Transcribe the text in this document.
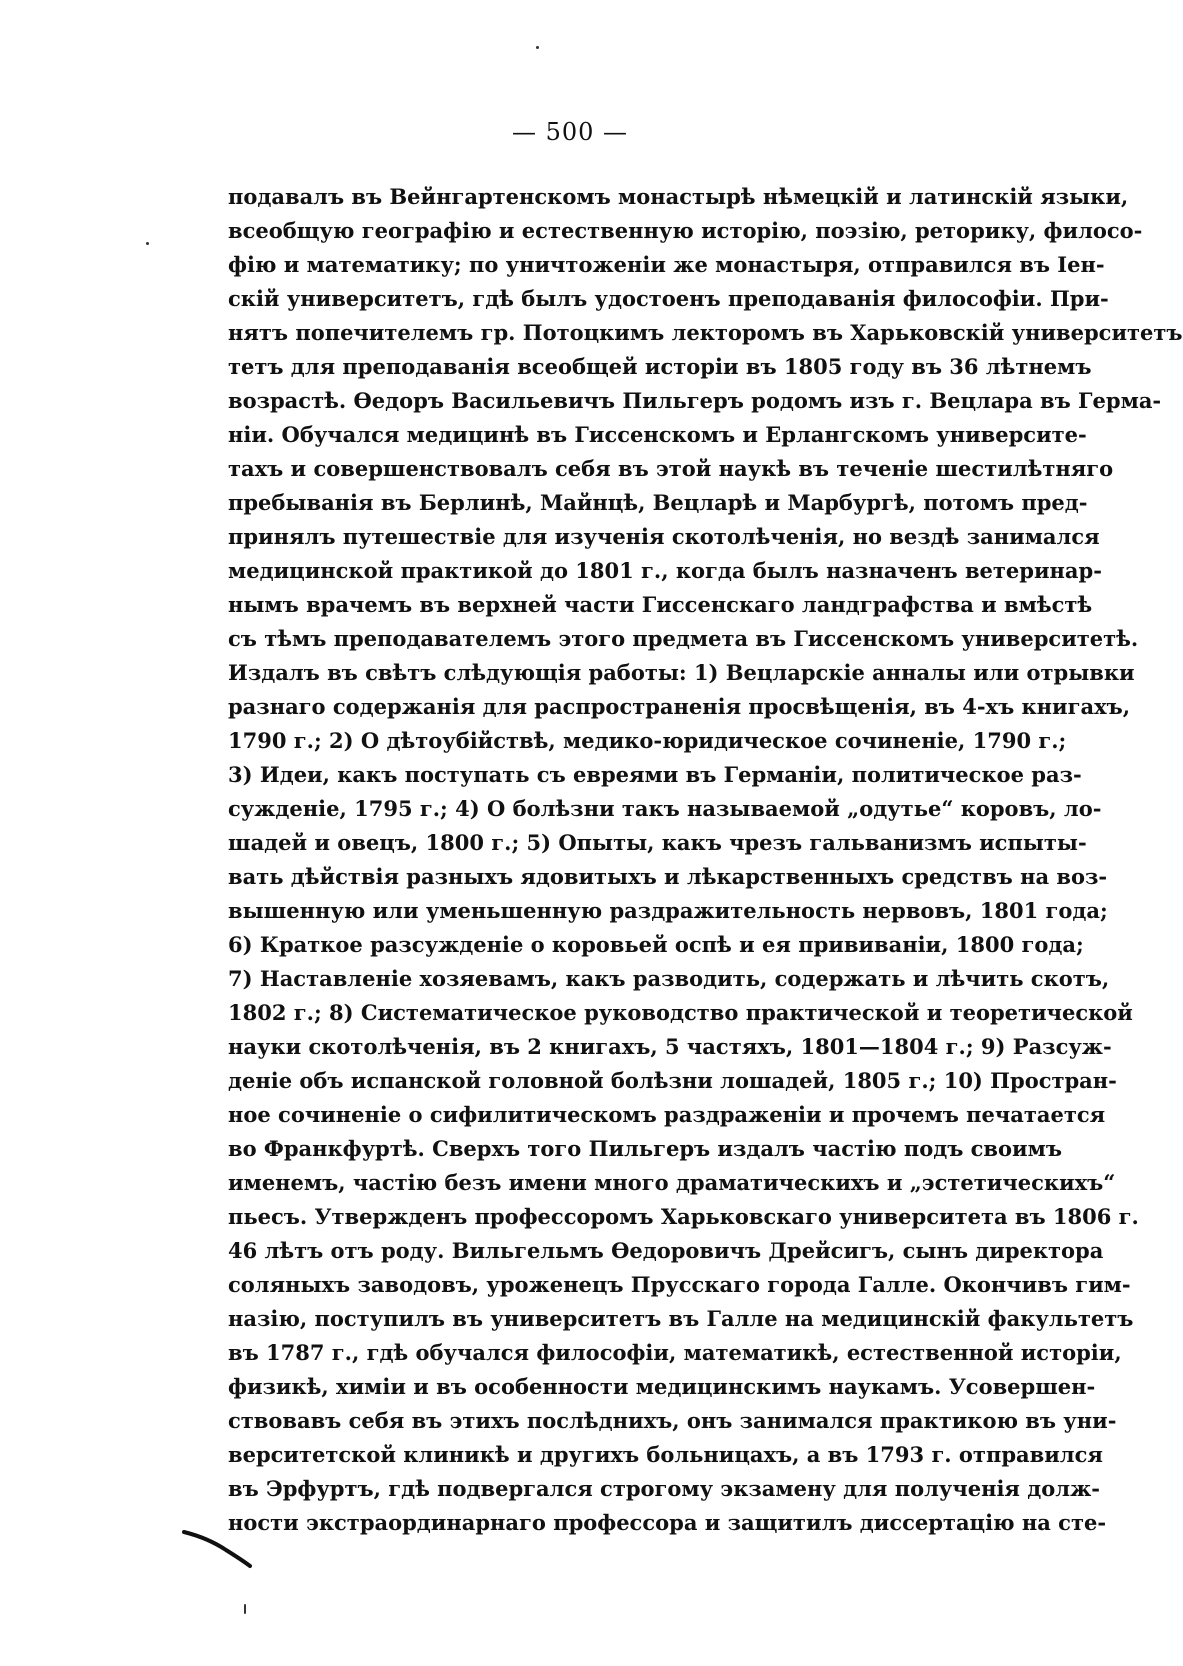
— 500 —
подавалъ въ Вейнгартенскомъ монастырѣ нѣмецкій и латинскій языки,
всеобщую географію и естественную исторію, поэзію, реторику, филосо-
фію и математику; по уничтоженіи же монастыря, отправился въ Іен-
скій университетъ, гдѣ былъ удостоенъ преподаванія философіи. При-
нятъ попечителемъ гр. Потоцкимъ лекторомъ въ Харьковскій университетъ
тетъ для преподаванія всеобщей исторіи въ 1805 году въ 36 лѣтнемъ
возрастѣ. Өедоръ Васильевичъ Пильгеръ родомъ изъ г. Вецлара въ Герма-
ніи. Обучался медицинѣ въ Гиссенскомъ и Ерлангскомъ университе-
тахъ и совершенствовалъ себя въ этой наукѣ въ теченіе шестилѣтняго
пребыванія въ Берлинѣ, Майнцѣ, Вецларѣ и Марбургѣ, потомъ пред-
принялъ путешествіе для изученія скотолѣченія, но вездѣ занимался
медицинской практикой до 1801 г., когда былъ назначенъ ветеринар-
нымъ врачемъ въ верхней части Гиссенскаго ландграфства и вмѣстѣ
съ тѣмъ преподавателемъ этого предмета въ Гиссенскомъ университетѣ.
Издалъ въ свѣтъ слѣдующія работы: 1) Вецларскіе анналы или отрывки
разнаго содержанія для распространенія просвѣщенія, въ 4-хъ книгахъ,
1790 г.; 2) О дѣтоубійствѣ, медико-юридическое сочиненіе, 1790 г.;
3) Идеи, какъ поступать съ евреями въ Германіи, политическое раз-
сужденіе, 1795 г.; 4) О болѣзни такъ называемой „одутье“ коровъ, ло-
шадей и овецъ, 1800 г.; 5) Опыты, какъ чрезъ гальванизмъ испыты-
вать дѣйствія разныхъ ядовитыхъ и лѣкарственныхъ средствъ на воз-
вышенную или уменьшенную раздражительность нервовъ, 1801 года;
6) Краткое разсужденіе о коровьей оспѣ и ея прививаніи, 1800 года;
7) Наставленіе хозяевамъ, какъ разводить, содержать и лѣчить скотъ,
1802 г.; 8) Систематическое руководство практической и теоретической
науки скотолѣченія, въ 2 книгахъ, 5 частяхъ, 1801—1804 г.; 9) Разсуж-
деніе объ испанской головной болѣзни лошадей, 1805 г.; 10) Простран-
ное сочиненіе о сифилитическомъ раздраженіи и прочемъ печатается
во Франкфуртѣ. Сверхъ того Пильгеръ издалъ частію подъ своимъ
именемъ, частію безъ имени много драматическихъ и „эстетическихъ“
пьесъ. Утвержденъ профессоромъ Харьковскаго университета въ 1806 г.
46 лѣтъ отъ роду. Вильгельмъ Өедоровичъ Дрейсигъ, сынъ директора
соляныхъ заводовъ, уроженецъ Прусскаго города Галле. Окончивъ гим-
назію, поступилъ въ университетъ въ Галле на медицинскій факультетъ
въ 1787 г., гдѣ обучался философіи, математикѣ, естественной исторіи,
физикѣ, химіи и въ особенности медицинскимъ наукамъ. Усовершен-
ствовавъ себя въ этихъ послѣднихъ, онъ занимался практикою въ уни-
верситетской клиникѣ и другихъ больницахъ, а въ 1793 г. отправился
въ Эрфуртъ, гдѣ подвергался строгому экзамену для полученія долж-
ности экстраординарнаго профессора и защитилъ диссертацію на сте-
